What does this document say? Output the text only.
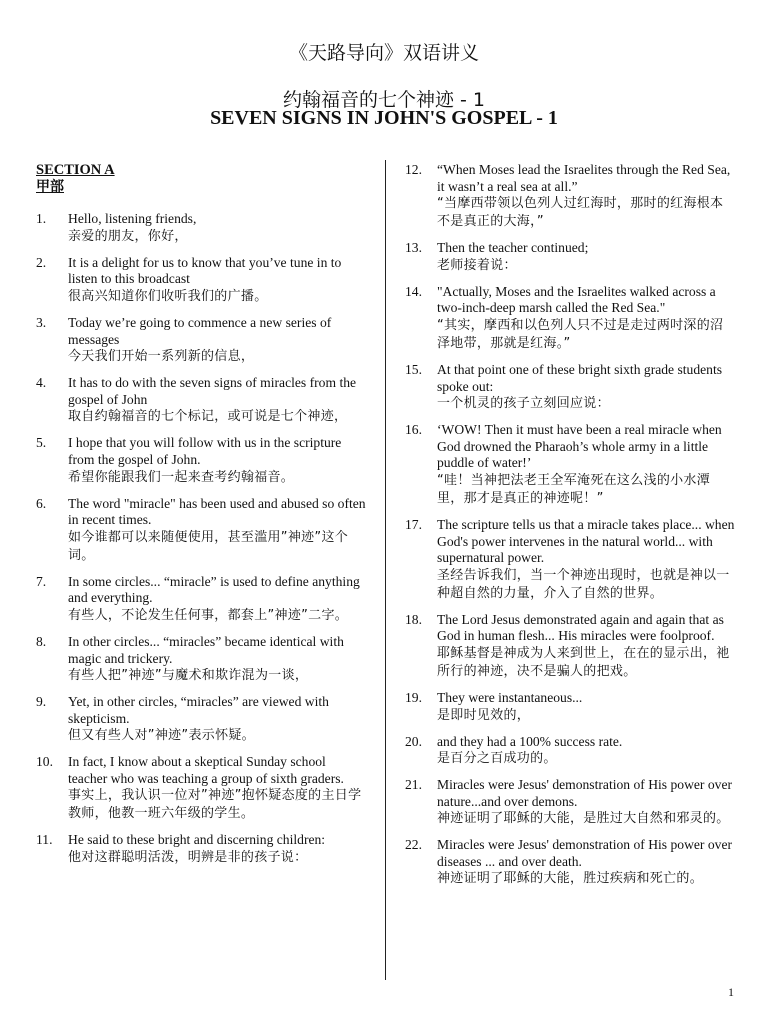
《天路导向》双语讲义
约翰福音的七个神迹 - 1
SEVEN SIGNS IN JOHN'S GOSPEL - 1
SECTION A
甲部
1.	Hello, listening friends,
亲爱的朋友，你好，
2.	It is a delight for us to know that you’ve tune in to listen to this broadcast
很高兴知道你们收听我们的广播。
3.	Today we’re going to commence a new series of messages
今天我们开始一系列新的信息，
4.	It has to do with the seven signs of miracles from the gospel of John
取自约翰福音的七个标记，或可说是七个神迹，
5.	I hope that you will follow with us in the scripture from the gospel of John.
希望你能跟我们一起来查考约翰福音。
6.	The word "miracle" has been used and abused so often in recent times.
如今谁都可以来随便使用，甚至滥用”神迹”这个词。
7.	In some circles... “miracle” is used to define anything and everything.
有些人，不论发生任何事，都套上”神迹”二字。
8.	In other circles... “miracles” became identical with magic and trickery.
有些人把”神迹”与魔术和欺诈混为一谈，
9.	Yet, in other circles, “miracles” are viewed with skepticism.
但又有些人对”神迹”表示怀疑。
10.	In fact, I know about a skeptical Sunday school teacher who was teaching a group of sixth graders.
事实上，我认识一位对”神迹”抱怀疑态度的主日学教师，他教一班六年级的学生。
11.	He said to these bright and discerning children:
他对这群聪明活泼，明辨是非的孩子说：
12.	“When Moses lead the Israelites through the Red Sea, it wasn’t a real sea at all.”
“当摩西带领以色列人过红海时，那时的红海根本不是真正的大海，”
13.	Then the teacher continued;
老师接着说：
14.	"Actually, Moses and the Israelites walked across a two-inch-deep marsh called the Red Sea."
“其实，摩西和以色列人只不过是走过两吋深的沼泽地带，那就是红海。”
15.	At that point one of these bright sixth grade students spoke out:
一个机灵的孩子立刻回应说：
16.	‘WOW! Then it must have been a real miracle when God drowned the Pharaoh’s whole army in a little puddle of water!’
“哇！当神把法老王全军淹死在这么浅的小水潭里，那才是真正的神迹呢！”
17.	The scripture tells us that a miracle takes place... when God's power intervenes in the natural world... with supernatural power.
圣经告诉我们，当一个神迹出现时，也就是神以一种超自然的力量，介入了自然的世界。
18.	The Lord Jesus demonstrated again and again that as God in human flesh... His miracles were foolproof.
耶稣基督是神成为人来到世上，在在的显示出，祂所行的神迹，决不是骗人的把戏。
19.	They were instantaneous...
是即时见效的，
20.	and they had a 100% success rate.
是百分之百成功的。
21.	Miracles were Jesus' demonstration of His power over nature...and over demons.
神迹证明了耶稣的大能，是胜过大自然和邪灵的。
22.	Miracles were Jesus' demonstration of His power over diseases ... and over death.
神迹证明了耶稣的大能，胜过疾病和死亡的。
1
